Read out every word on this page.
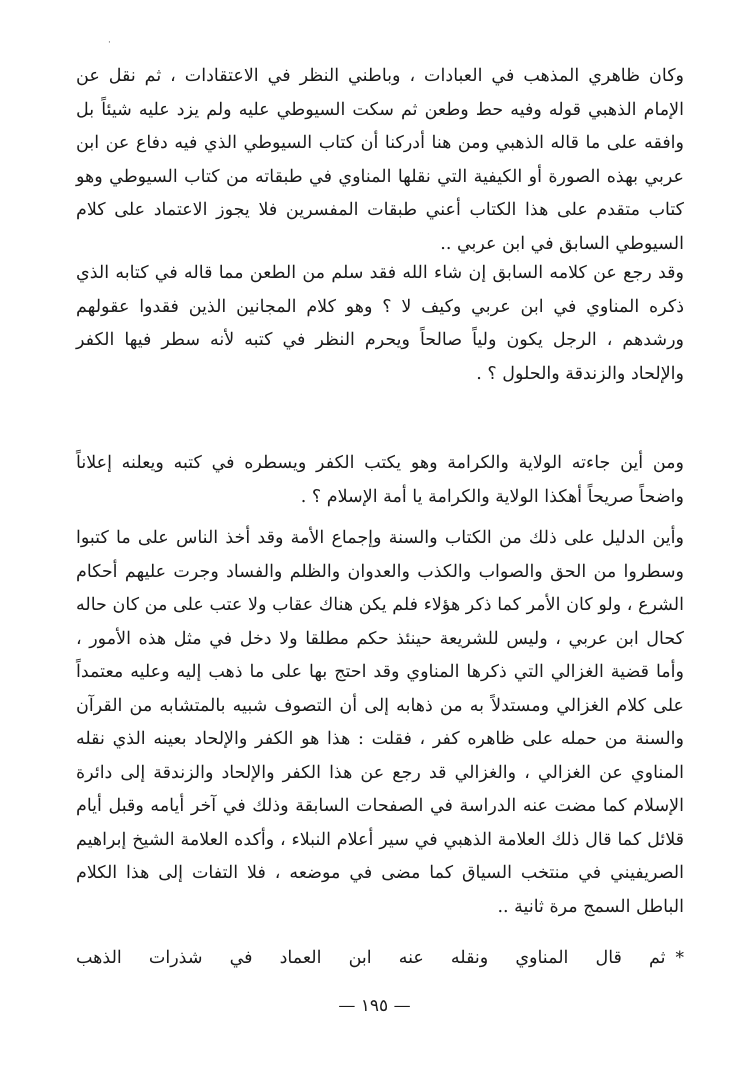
·

وكان ظاهري المذهب في العبادات ، وباطني النظر في الاعتقادات ، ثم نقل عن الإمام الذهبي قوله وفيه حط وطعن ثم سكت السيوطي عليه ولم يزد عليه شيئاً بل وافقه على ما قاله الذهبي ومن هنا أدركنا أن كتاب السيوطي الذي فيه دفاع عن ابن عربي بهذه الصورة أو الكيفية التي نقلها المناوي في طبقاته من كتاب السيوطي وهو كتاب متقدم على هذا الكتاب أعني طبقات المفسرين فلا يجوز الاعتماد على كلام السيوطي السابق في ابن عربي ..

وقد رجع عن كلامه السابق إن شاء الله فقد سلم من الطعن مما قاله في كتابه الذي ذكره المناوي في ابن عربي وكيف لا ؟ وهو كلام المجانين الذين فقدوا عقولهم ورشدهم ، الرجل يكون ولياً صالحاً ويحرم النظر في كتبه لأنه سطر فيها الكفر والإلحاد والزندقة والحلول ؟ .

ومن أين جاءته الولاية والكرامة وهو يكتب الكفر ويسطره في كتبه ويعلنه إعلاناً واضحاً صريحاً أهكذا الولاية والكرامة يا أمة الإسلام ؟ .

وأين الدليل على ذلك من الكتاب والسنة وإجماع الأمة وقد أخذ الناس على ما كتبوا وسطروا من الحق والصواب والكذب والعدوان والظلم والفساد وجرت عليهم أحكام الشرع ، ولو كان الأمر كما ذكر هؤلاء فلم يكن هناك عقاب ولا عتب على من كان حاله كحال ابن عربي ، وليس للشريعة حينئذ حكم مطلقا ولا دخل في مثل هذه الأمور ، وأما قضية الغزالي التي ذكرها المناوي وقد احتج بها على ما ذهب إليه وعليه معتمداً على كلام الغزالي ومستدلاً به من ذهابه إلى أن التصوف شبيه بالمتشابه من القرآن والسنة من حمله على ظاهره كفر ، فقلت : هذا هو الكفر والإلحاد بعينه الذي نقله المناوي عن الغزالي ، والغزالي قد رجع عن هذا الكفر والإلحاد والزندقة إلى دائرة الإسلام كما مضت عنه الدراسة في الصفحات السابقة وذلك في آخر أيامه وقبل أيام قلائل كما قال ذلك العلامة الذهبي في سير أعلام النبلاء ، وأكده العلامة الشيخ إبراهيم الصريفيني في منتخب السياق كما مضى في موضعه ، فلا التفات إلى هذا الكلام الباطل السمج مرة ثانية ..

*ثم قال المناوي ونقله عنه ابن العماد في شذرات الذهب

— ١٩٥ —
